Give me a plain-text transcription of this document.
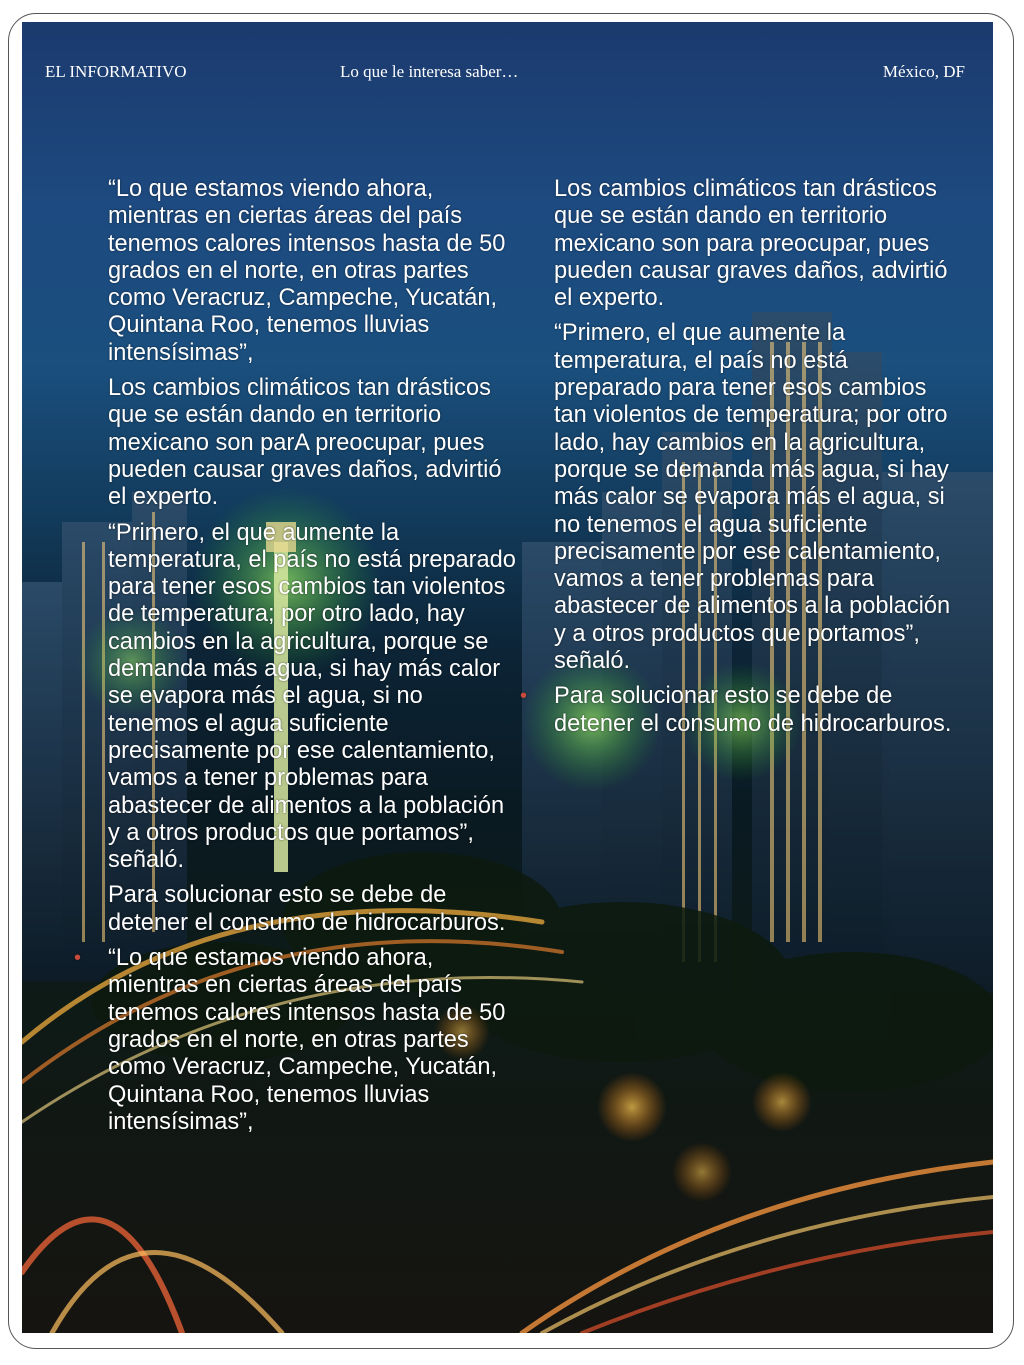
EL INFORMATIVO	Lo que le interesa saber…	México, DF

“Lo que estamos viendo ahora, mientras en ciertas áreas del país tenemos calores intensos hasta de 50 grados en el norte, en otras partes como Veracruz, Campeche, Yucatán, Quintana Roo, tenemos lluvias intensísimas”,

Los cambios climáticos tan drásticos que se están dando en territorio mexicano son parA preocupar, pues pueden causar graves daños, advirtió el experto.

“Primero, el que aumente la temperatura, el país no está preparado para tener esos cambios tan violentos de temperatura; por otro lado, hay cambios en la agricultura, porque se demanda más agua, si hay más calor se evapora más el agua, si no tenemos el agua suficiente precisamente por ese calentamiento, vamos a tener problemas para abastecer de alimentos a la población y a otros productos que portamos”, señaló.

Para solucionar esto se debe de detener el consumo de hidrocarburos.

• “Lo que estamos viendo ahora, mientras en ciertas áreas del país tenemos calores intensos hasta de 50 grados en el norte, en otras partes como Veracruz, Campeche, Yucatán, Quintana Roo, tenemos lluvias intensísimas”,

Los cambios climáticos tan drásticos que se están dando en territorio mexicano son para preocupar, pues pueden causar graves daños, advirtió el experto.

“Primero, el que aumente la temperatura, el país no está preparado para tener esos cambios tan violentos de temperatura; por otro lado, hay cambios en la agricultura, porque se demanda más agua, si hay más calor se evapora más el agua, si no tenemos el agua suficiente precisamente por ese calentamiento, vamos a tener problemas para abastecer de alimentos a la población y a otros productos que portamos”, señaló.

• Para solucionar esto se debe de detener el consumo de hidrocarburos.
